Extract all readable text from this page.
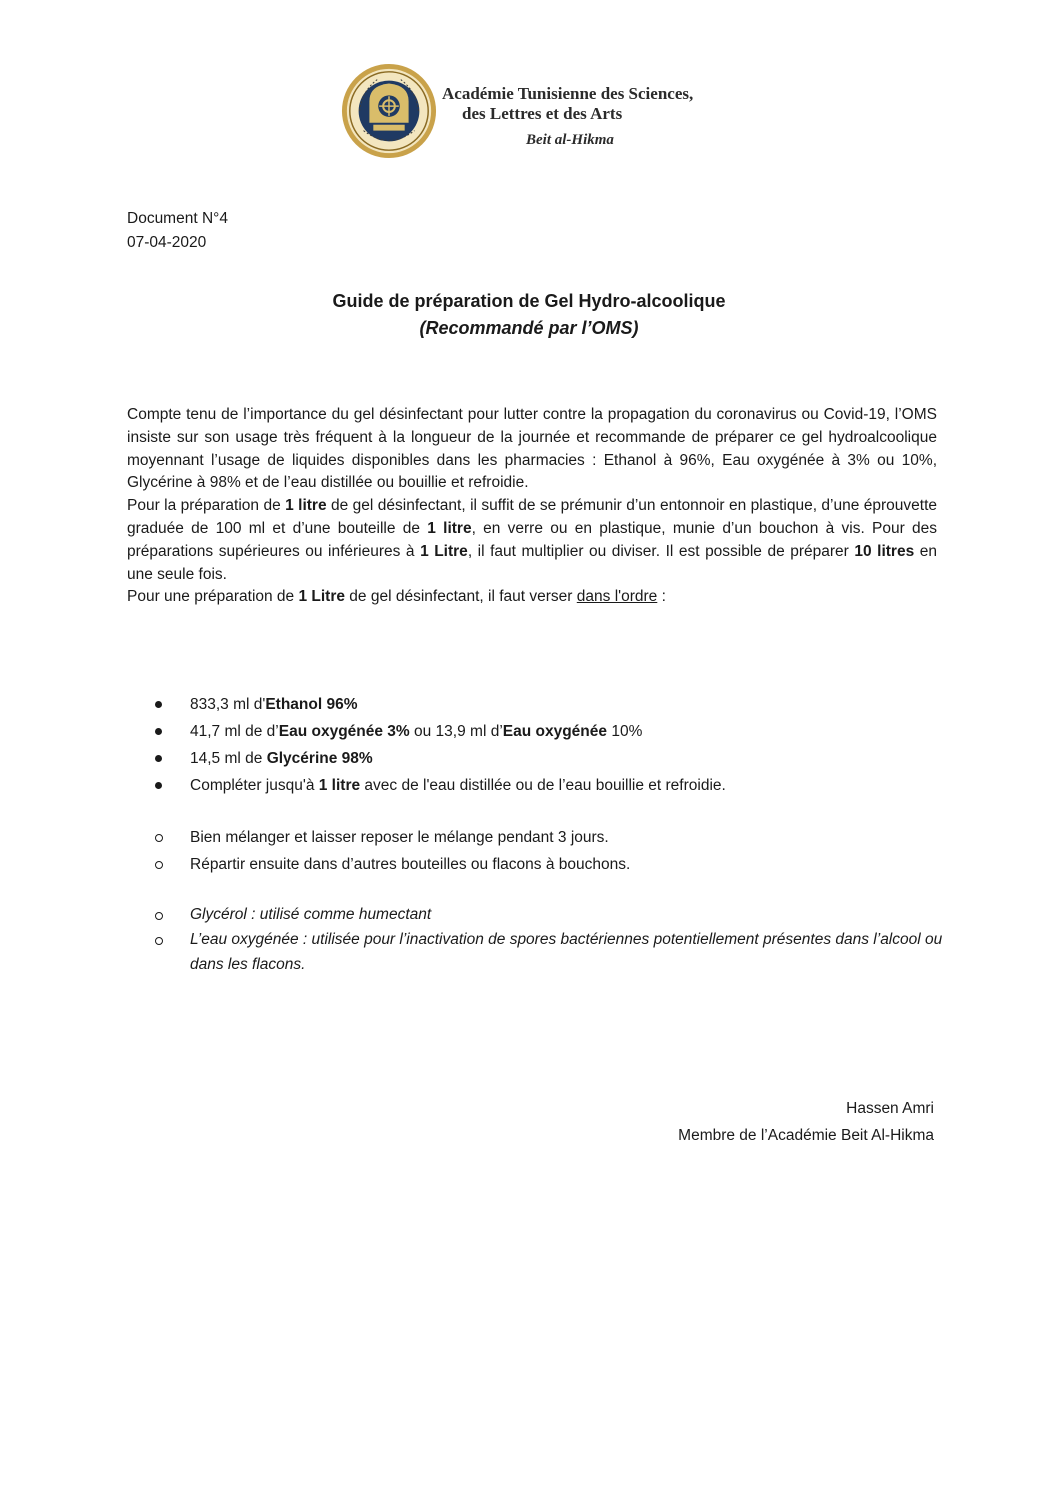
Académie Tunisienne des Sciences,
des Lettres et des Arts
Beit al-Hikma
Document N°4
07-04-2020
Guide de préparation de Gel Hydro-alcoolique
(Recommandé par l’OMS)

Compte tenu de l’importance du gel désinfectant pour lutter contre la propagation du coronavirus ou Covid-19, l’OMS insiste sur son usage très fréquent à la longueur de la journée et recommande de préparer ce gel hydroalcoolique moyennant l’usage de liquides disponibles dans les pharmacies : Ethanol à 96%, Eau oxygénée à 3% ou 10%, Glycérine à 98% et de l’eau distillée ou bouillie et refroidie.

Pour la préparation de 1 litre de gel désinfectant, il suffit de se prémunir d’un entonnoir en plastique, d’une éprouvette graduée de 100 ml et d’une bouteille de 1 litre, en verre ou en plastique, munie d’un bouchon à vis. Pour des préparations supérieures ou inférieures à 1 Litre, il faut multiplier ou diviser. Il est possible de préparer 10 litres en une seule fois.

Pour une préparation de 1 Litre de gel désinfectant, il faut verser dans l'ordre :

833,3 ml d'Ethanol 96%
41,7 ml de d’Eau oxygénée 3% ou 13,9 ml d’Eau oxygénée 10%
14,5 ml de Glycérine 98%
Compléter jusqu'à 1 litre avec de l'eau distillée ou de l’eau bouillie et refroidie.
Bien mélanger et laisser reposer le mélange pendant 3 jours.
Répartir ensuite dans d’autres bouteilles ou flacons à bouchons.
Glycérol : utilisé comme humectant
L’eau oxygénée : utilisée pour l’inactivation de spores bactériennes potentiellement présentes dans l’alcool ou dans les flacons.
Hassen Amri
Membre de l’Académie Beit Al-Hikma
